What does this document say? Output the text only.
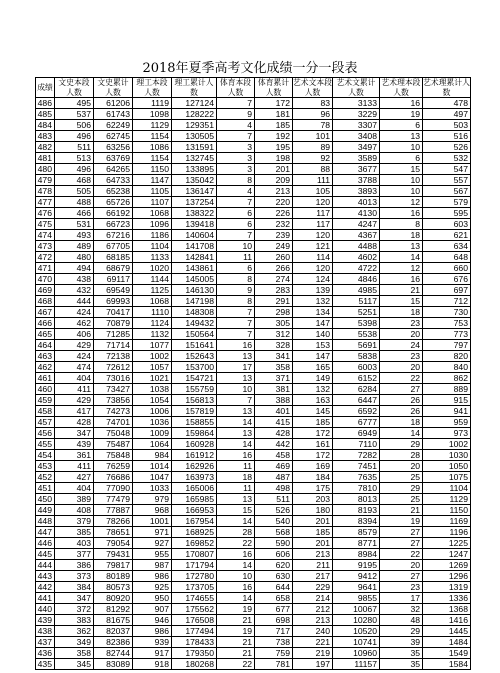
2018年夏季高考文化成绩一分一段表
成绩	文史本段人数	文史累计人数	理工本段人数	理工累计人数	体育本段人数	体育累计人数	艺术文本段人数	艺术文累计人数	艺术理本段人数	艺术理累计人数
486	495	61206	1119	127124	7	172	83	3133	16	478
485	537	61743	1098	128222	9	181	96	3229	19	497
484	506	62249	1129	129351	4	185	78	3307	6	503
483	496	62745	1154	130505	7	192	101	3408	13	516
482	511	63256	1086	131591	3	195	89	3497	10	526
481	513	63769	1154	132745	3	198	92	3589	6	532
480	496	64265	1150	133895	3	201	88	3677	15	547
479	468	64733	1147	135042	8	209	111	3788	10	557
478	505	65238	1105	136147	4	213	105	3893	10	567
477	488	65726	1107	137254	7	220	120	4013	12	579
476	466	66192	1068	138322	6	226	117	4130	16	595
475	531	66723	1096	139418	6	232	117	4247	8	603
474	493	67216	1186	140604	7	239	120	4367	18	621
473	489	67705	1104	141708	10	249	121	4488	13	634
472	480	68185	1133	142841	11	260	114	4602	14	648
471	494	68679	1020	143861	6	266	120	4722	12	660
470	438	69117	1144	145005	8	274	124	4846	16	676
469	432	69549	1125	146130	9	283	139	4985	21	697
468	444	69993	1068	147198	8	291	132	5117	15	712
467	424	70417	1110	148308	7	298	134	5251	18	730
466	462	70879	1124	149432	7	305	147	5398	23	753
465	406	71285	1132	150564	7	312	140	5538	20	773
464	429	71714	1077	151641	16	328	153	5691	24	797
463	424	72138	1002	152643	13	341	147	5838	23	820
462	474	72612	1057	153700	17	358	165	6003	20	840
461	404	73016	1021	154721	13	371	149	6152	22	862
460	411	73427	1038	155759	10	381	132	6284	27	889
459	429	73856	1054	156813	7	388	163	6447	26	915
458	417	74273	1006	157819	13	401	145	6592	26	941
457	428	74701	1036	158855	14	415	185	6777	18	959
456	347	75048	1009	159864	13	428	172	6949	14	973
455	439	75487	1064	160928	14	442	161	7110	29	1002
454	361	75848	984	161912	16	458	172	7282	28	1030
453	411	76259	1014	162926	11	469	169	7451	20	1050
452	427	76686	1047	163973	18	487	184	7635	25	1075
451	404	77090	1033	165006	11	498	175	7810	29	1104
450	389	77479	979	165985	13	511	203	8013	25	1129
449	408	77887	968	166953	15	526	180	8193	21	1150
448	379	78266	1001	167954	14	540	201	8394	19	1169
447	385	78651	971	168925	28	568	185	8579	27	1196
446	403	79054	927	169852	22	590	201	8771	27	1225
445	377	79431	955	170807	16	606	213	8984	22	1247
444	386	79817	987	171794	14	620	211	9195	20	1269
443	373	80189	986	172780	10	630	217	9412	27	1296
442	384	80573	925	173705	16	644	229	9641	23	1319
441	347	80920	950	174655	14	658	214	9855	17	1336
440	372	81292	907	175562	19	677	212	10067	32	1368
439	383	81675	946	176508	21	698	213	10280	48	1416
438	362	82037	986	177494	19	717	240	10520	29	1445
437	349	82386	939	178433	21	738	221	10741	39	1484
436	358	82744	917	179350	21	759	219	10960	35	1549
435	345	83089	918	180268	22	781	197	11157	35	1584
